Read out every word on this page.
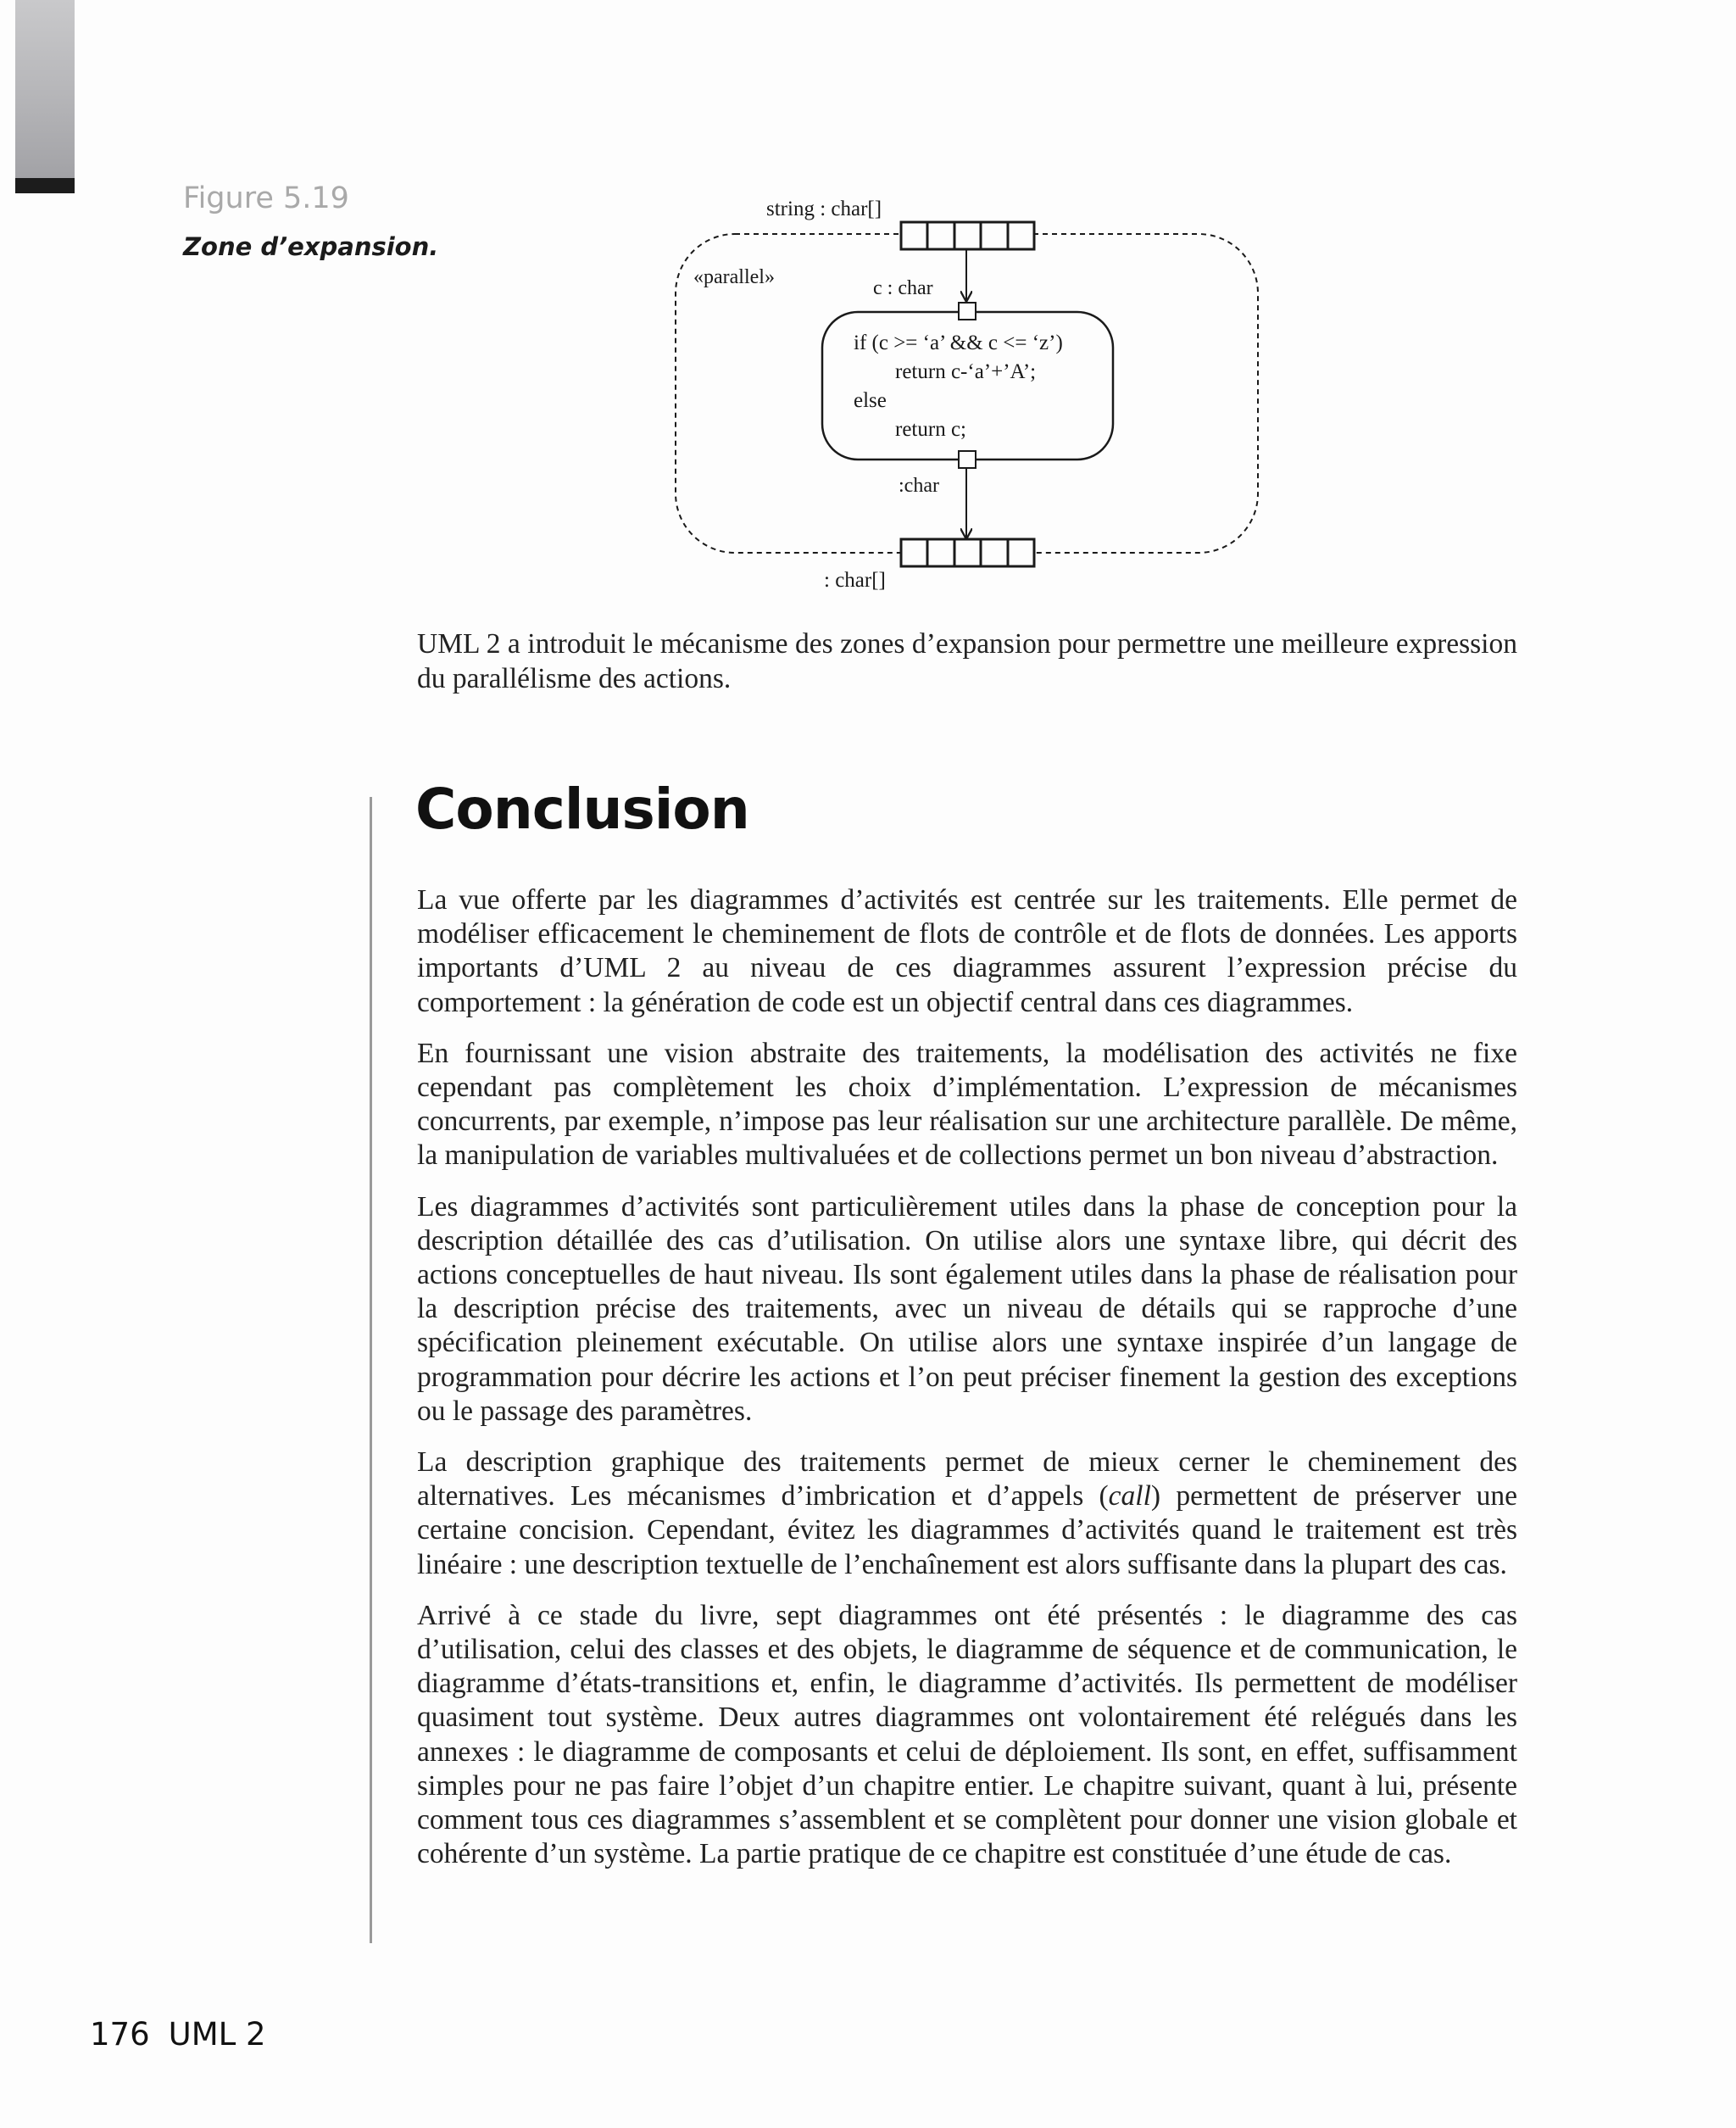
Figure 5.19
Zone d’expansion.
string : char[]
«parallel»	c : char
if (c >= ‘a’ && c <= ‘z’)
return c-‘a’+’A’;
else
return c;
:char
: char[]

UML 2 a introduit le mécanisme des zones d’expansion pour permettre une meilleure expression du parallélisme des actions.

Conclusion

La vue offerte par les diagrammes d’activités est centrée sur les traitements. Elle permet de modéliser efficacement le cheminement de flots de contrôle et de flots de données. Les apports importants d’UML 2 au niveau de ces diagrammes assurent l’expression précise du comportement : la génération de code est un objectif central dans ces diagrammes.

En fournissant une vision abstraite des traitements, la modélisation des activités ne fixe cependant pas complètement les choix d’implémentation. L’expression de mécanismes concurrents, par exemple, n’impose pas leur réalisation sur une architecture parallèle. De même, la manipulation de variables multivaluées et de collections permet un bon niveau d’abstraction.

Les diagrammes d’activités sont particulièrement utiles dans la phase de conception pour la description détaillée des cas d’utilisation. On utilise alors une syntaxe libre, qui décrit des actions conceptuelles de haut niveau. Ils sont également utiles dans la phase de réalisation pour la description précise des traitements, avec un niveau de détails qui se rapproche d’une spécification pleinement exécutable. On utilise alors une syntaxe inspirée d’un langage de programmation pour décrire les actions et l’on peut préciser finement la gestion des exceptions ou le passage des paramètres.

La description graphique des traitements permet de mieux cerner le cheminement des alternatives. Les mécanismes d’imbrication et d’appels (call) permettent de préserver une certaine concision. Cependant, évitez les diagrammes d’activités quand le traitement est très linéaire : une description textuelle de l’enchaînement est alors suffisante dans la plupart des cas.

Arrivé à ce stade du livre, sept diagrammes ont été présentés : le diagramme des cas d’utilisation, celui des classes et des objets, le diagramme de séquence et de communication, le diagramme d’états-transitions et, enfin, le diagramme d’activités. Ils permettent de modéliser quasiment tout système. Deux autres diagrammes ont volontairement été relégués dans les annexes : le diagramme de composants et celui de déploiement. Ils sont, en effet, suffisamment simples pour ne pas faire l’objet d’un chapitre entier. Le chapitre suivant, quant à lui, présente comment tous ces diagrammes s’assemblent et se complètent pour donner une vision globale et cohérente d’un système. La partie pratique de ce chapitre est constituée d’une étude de cas.

176 UML 2
